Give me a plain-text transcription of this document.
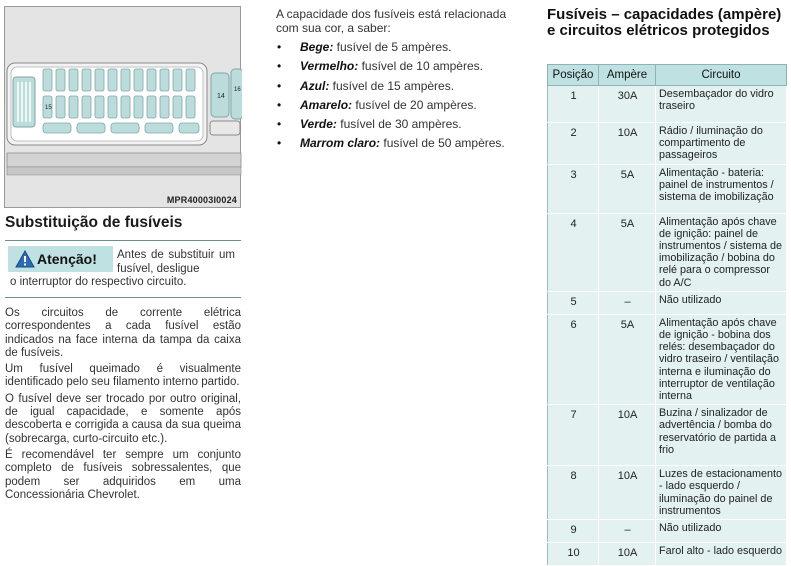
14
15
16
MPR40003I0024
Substituição de fusíveis
Atenção! Antes de substituir um fusível, desligue
o interruptor do respectivo circuito.

Os circuitos de corrente elétrica correspondentes a cada fusível estão indicados na face interna da tampa da caixa de fusíveis.

Um fusível queimado é visualmente identificado pelo seu filamento interno partido.

O fusível deve ser trocado por outro original, de igual capacidade, e somente após descoberta e corrigida a causa da sua queima (sobrecarga, curto-circuito etc.).

É recomendável ter sempre um conjunto completo de fusíveis sobressalentes, que podem ser adquiridos em uma Concessionária Chevrolet.

A capacidade dos fusíveis está relacionada com sua cor, a saber:
• Bege: fusível de 5 ampères.
• Vermelho: fusível de 10 ampères.
• Azul: fusível de 15 ampères.
• Amarelo: fusível de 20 ampères.
• Verde: fusível de 30 ampères.
• Marrom claro: fusível de 50 ampères.
Fusíveis – capacidades (ampère) e circuitos elétricos protegidos
Posição	Ampère	Circuito
1	30A	Desembaçador do vidro traseiro
2	10A	Rádio / iluminação do compartimento de passageiros
3	5A	Alimentação - bateria: painel de instrumentos / sistema de imobilização
4	5A	Alimentação após chave de ignição: painel de instrumentos / sistema de imobilização / bobina do relé para o compressor do A/C
5	–	Não utilizado
6	5A	Alimentação após chave de ignição - bobina dos relés: desembaçador do vidro traseiro / ventilação interna e iluminação do interruptor de ventilação interna
7	10A	Buzina / sinalizador de advertência / bomba do reservatório de partida a frio
8	10A	Luzes de estacionamento - lado esquerdo / iluminação do painel de instrumentos
9	–	Não utilizado
10	10A	Farol alto - lado esquerdo
